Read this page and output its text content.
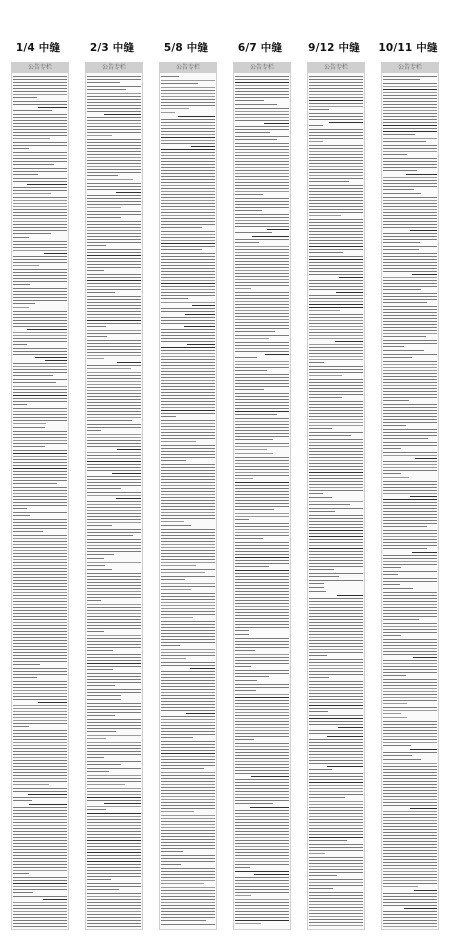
1/4 中缝
公告专栏
2/3 中缝
公告专栏
5/8 中缝
公告专栏
6/7 中缝
公告专栏
9/12 中缝
公告专栏
10/11 中缝
公告专栏
